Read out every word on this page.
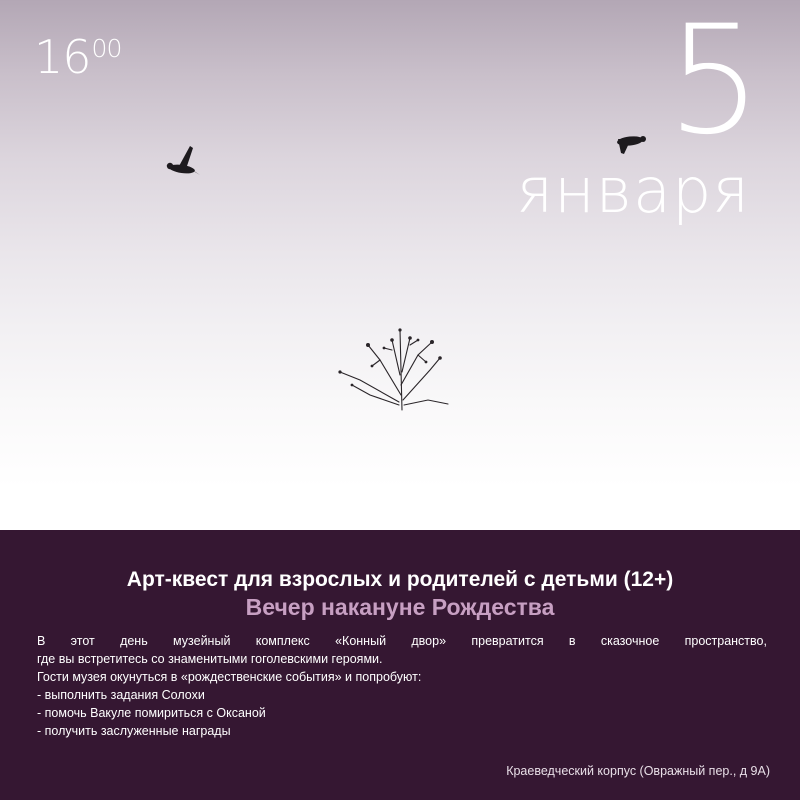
1600	5
января
Арт-квест для взрослых и родителей с детьми (12+)
Вечер накануне Рождества
В этот день музейный комплекс «Конный двор» превратится в сказочное пространство,
где вы встретитесь со знаменитыми гоголевскими героями.
Гости музея окунуться в «рождественские события» и попробуют:
- выполнить задания Солохи
- помочь Вакуле помириться с Оксаной
- получить заслуженные награды
Краеведческий корпус (Овражный пер., д 9А)
